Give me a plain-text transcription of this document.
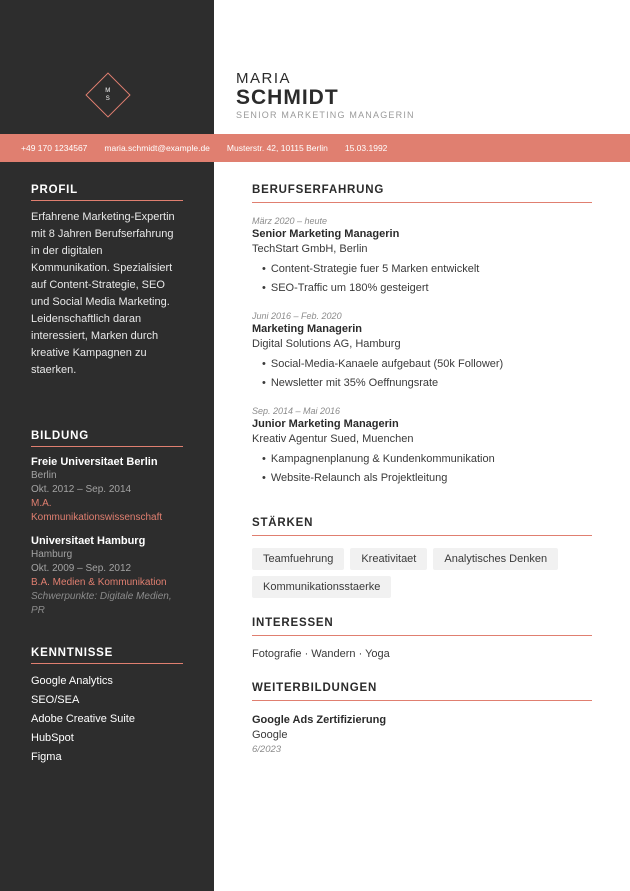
M
S
MARIA
SCHMIDT
SENIOR MARKETING MANAGERIN
+49 170 1234567 maria.schmidt@example.de Musterstr. 42, 10115 Berlin 15.03.1992
PROFIL
Erfahrene Marketing-Expertin mit 8 Jahren Berufserfahrung in der digitalen Kommunikation. Spezialisiert auf Content-Strategie, SEO und Social Media Marketing. Leidenschaftlich daran interessiert, Marken durch kreative Kampagnen zu staerken.
BILDUNG
Freie Universitaet Berlin
Berlin
Okt. 2012 – Sep. 2014
M.A. Kommunikationswissenschaft
Universitaet Hamburg
Hamburg
Okt. 2009 – Sep. 2012
B.A. Medien & Kommunikation
Schwerpunkte: Digitale Medien, PR
KENNTNISSE
Google Analytics
SEO/SEA
Adobe Creative Suite
HubSpot
Figma
BERUFSERFAHRUNG
März 2020 – heute
Senior Marketing Managerin
TechStart GmbH, Berlin
• Content-Strategie fuer 5 Marken entwickelt
• SEO-Traffic um 180% gesteigert
Juni 2016 – Feb. 2020
Marketing Managerin
Digital Solutions AG, Hamburg
• Social-Media-Kanaele aufgebaut (50k Follower)
• Newsletter mit 35% Oeffnungsrate
Sep. 2014 – Mai 2016
Junior Marketing Managerin
Kreativ Agentur Sued, Muenchen
• Kampagnenplanung & Kundenkommunikation
• Website-Relaunch als Projektleitung
STÄRKEN
Teamfuehrung	Kreativitaet	Analytisches Denken
Kommunikationsstaerke
INTERESSEN
Fotografie · Wandern · Yoga
WEITERBILDUNGEN
Google Ads Zertifizierung
Google
6/2023
